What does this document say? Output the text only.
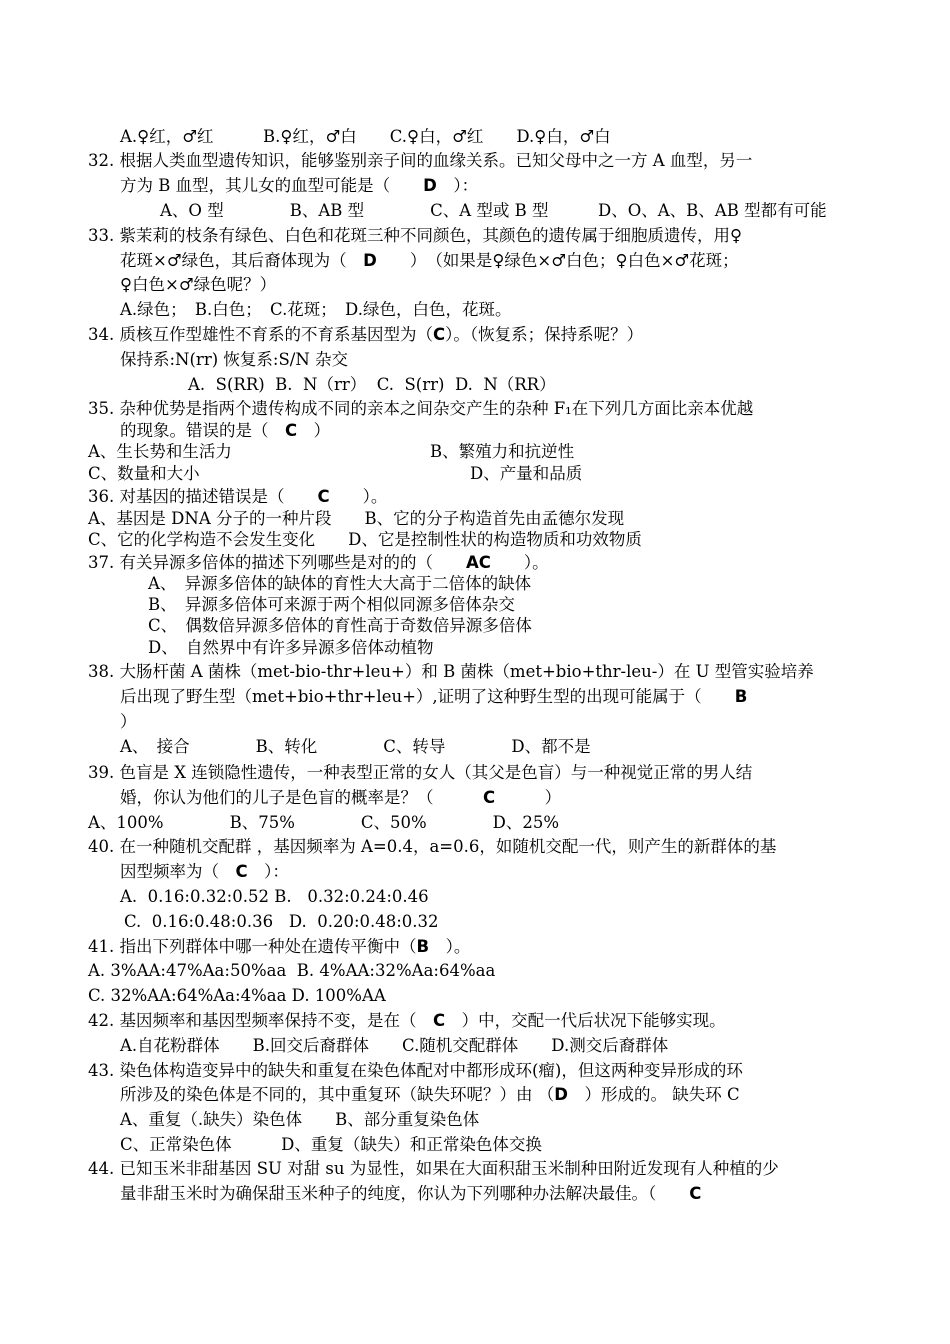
A.♀红，♂红　　　B.♀红，♂白　　C.♀白，♂红　　D.♀白，♂白
32. 根据人类血型遗传知识，能够鉴别亲子间的血缘关系。已知父母中之一方 A 血型，另一
方为 B 血型，其儿女的血型可能是（　　D　）：
A、O 型　　　　B、AB 型　　　　C、A 型或 B 型　　　D、O、A、B、AB 型都有可能
33. 紫茉莉的枝条有绿色、白色和花斑三种不同颜色，其颜色的遗传属于细胞质遗传，用♀
花斑×♂绿色，其后裔体现为（　D　　）　（如果是♀绿色×♂白色；♀白色×♂花斑；
♀白色×♂绿色呢？）
A.绿色；　B.白色；　C.花斑；　D.绿色，白色，花斑。
34. 质核互作型雄性不育系的不育系基因型为（C）。（恢复系；保持系呢？）
保持系:N(rr) 恢复系:S/N 杂交
A.  S(RR)  B.  N（rr）  C.  S(rr)  D.  N（RR）
35. 杂种优势是指两个遗传构成不同的亲本之间杂交产生的杂种 F₁在下列几方面比亲本优越
的现象。错误的是（　C　）
A、生长势和生活力	B、繁殖力和抗逆性
C、数量和大小	D、产量和品质
36. 对基因的描述错误是（　　C　　）。
A、基因是 DNA 分子的一种片段　　B、它的分子构造首先由孟德尔发现
C、它的化学构造不会发生变化　　D、它是控制性状的构造物质和功效物质
37. 有关异源多倍体的描述下列哪些是对的的（　　AC　　）。
A、　异源多倍体的缺体的育性大大高于二倍体的缺体
B、　异源多倍体可来源于两个相似同源多倍体杂交
C、　偶数倍异源多倍体的育性高于奇数倍异源多倍体
D、　自然界中有许多异源多倍体动植物
38. 大肠杆菌 A 菌株（met-bio-thr+leu+）和 B 菌株（met+bio+thr-leu-）在 U 型管实验培养
后出现了野生型（met+bio+thr+leu+）,证明了这种野生型的出现可能属于（　　B
）
A、　接合　　　　B、转化　　　　C、转导　　　　D、都不是
39. 色盲是 X 连锁隐性遗传，一种表型正常的女人（其父是色盲）与一种视觉正常的男人结
婚，你认为他们的儿子是色盲的概率是？（　　　C　　　）
A、100%　　　　B、75%　　　　C、50%　　　　D、25%
40. 在一种随机交配群 ，基因频率为 A=0.4，a=0.6，如随机交配一代，则产生的新群体的基
因型频率为（　C　）：
A.  0.16:0.32:0.52 B.   0.32:0.24:0.46
C.  0.16:0.48:0.36   D.  0.20:0.48:0.32
41. 指出下列群体中哪一种处在遗传平衡中（B　）。
A. 3%AA:47%Aa:50%aa  B. 4%AA:32%Aa:64%aa
C. 32%AA:64%Aa:4%aa D. 100%AA
42. 基因频率和基因型频率保持不变，是在（　C　）中，交配一代后状况下能够实现。
A.自花粉群体　　B.回交后裔群体　　C.随机交配群体　　D.测交后裔群体
43. 染色体构造变异中的缺失和重复在染色体配对中都形成环(瘤)，但这两种变异形成的环
所涉及的染色体是不同的，其中重复环（缺失环呢？）由 （D　）形成的。 缺失环 C
A、重复（.缺失）染色体　　B、部分重复染色体
C、正常染色体　　　D、重复（缺失）和正常染色体交换
44. 已知玉米非甜基因 SU 对甜 su 为显性，如果在大面积甜玉米制种田附近发现有人种植的少
量非甜玉米时为确保甜玉米种子的纯度，你认为下列哪种办法解决最佳。（　　C
